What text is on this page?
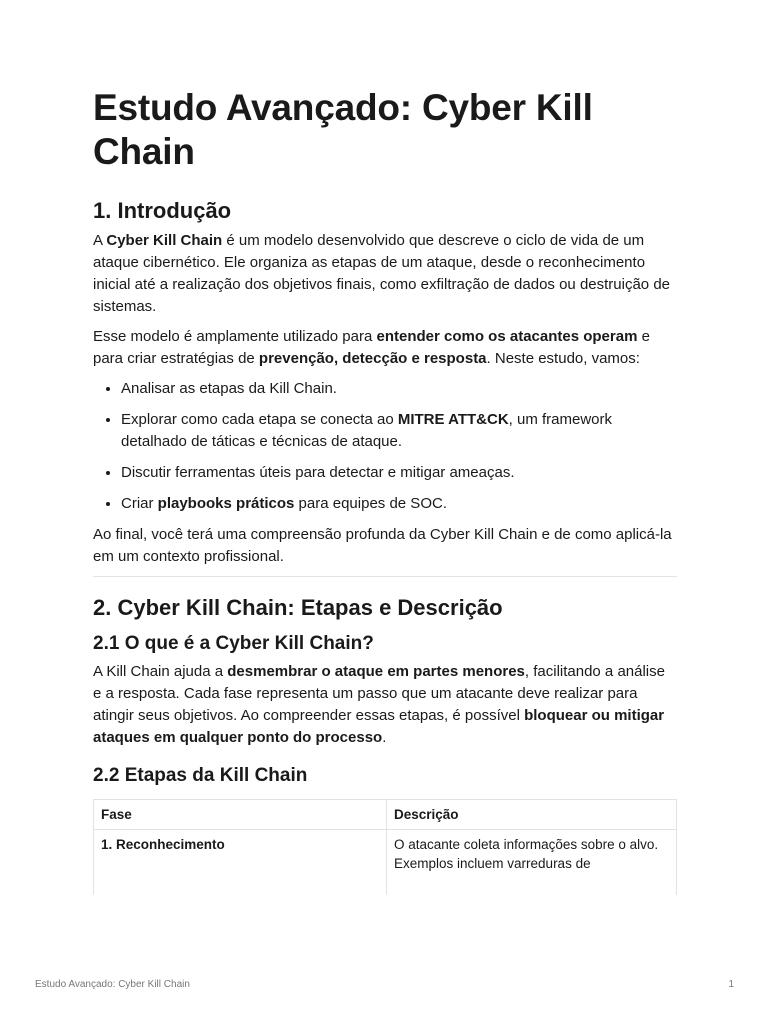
Estudo Avançado: Cyber Kill Chain
1. Introdução

A Cyber Kill Chain é um modelo desenvolvido que descreve o ciclo de vida de um ataque cibernético. Ele organiza as etapas de um ataque, desde o reconhecimento inicial até a realização dos objetivos finais, como exfiltração de dados ou destruição de sistemas.

Esse modelo é amplamente utilizado para entender como os atacantes operam e para criar estratégias de prevenção, detecção e resposta. Neste estudo, vamos:

• Analisar as etapas da Kill Chain.
• Explorar como cada etapa se conecta ao MITRE ATT&CK, um framework detalhado de táticas e técnicas de ataque.
• Discutir ferramentas úteis para detectar e mitigar ameaças.
• Criar playbooks práticos para equipes de SOC.

Ao final, você terá uma compreensão profunda da Cyber Kill Chain e de como aplicá-la em um contexto profissional.

2. Cyber Kill Chain: Etapas e Descrição
2.1 O que é a Cyber Kill Chain?

A Kill Chain ajuda a desmembrar o ataque em partes menores, facilitando a análise e a resposta. Cada fase representa um passo que um atacante deve realizar para atingir seus objetivos. Ao compreender essas etapas, é possível bloquear ou mitigar ataques em qualquer ponto do processo.

2.2 Etapas da Kill Chain
Fase	Descrição
1. Reconhecimento	O atacante coleta informações sobre o alvo. Exemplos incluem varreduras de
Estudo Avançado: Cyber Kill Chain	1
